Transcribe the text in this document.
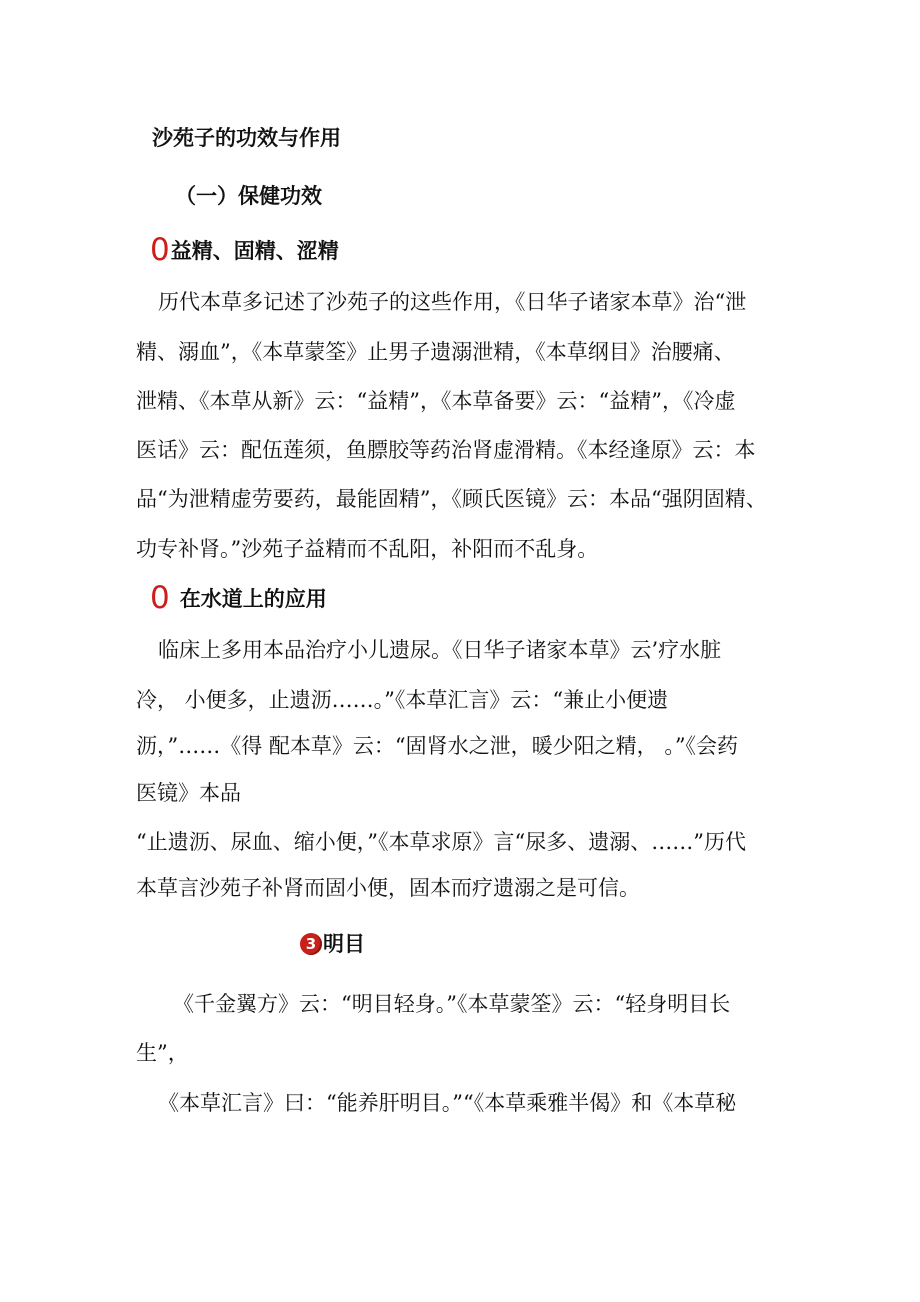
沙苑子的功效与作用
（一）保健功效
0益精、固精、涩精
历代本草多记述了沙苑子的这些作用，《日华子诸家本草》治“泄
精、溺血”，《本草蒙筌》止男子遗溺泄精，《本草纲目》治腰痛、
泄精、《本草从新》云：“益精”，《本草备要》云：“益精”，《冷虚
医话》云：配伍莲须，鱼膘胶等药治肾虚滑精。《本经逢原》云：本
品“为泄精虚劳要药，最能固精”，《顾氏医镜》云：本品“强阴固精、
功专补肾。”沙苑子益精而不乱阳，补阳而不乱身。
0 在水道上的应用
临床上多用本品治疗小儿遗尿。《日华子诸家本草》云’疗水脏
冷， 小便多，止遗沥……。”《本草汇言》云：“兼止小便遗
沥，”……《得 配本草》云：“固肾水之泄，暖少阳之精， 。”《会药
医镜》本品
“止遗沥、尿血、缩小便，”《本草求原》言“尿多、遗溺、……”历代
本草言沙苑子补肾而固小便，固本而疗遗溺之是可信。
3 明目
《千金翼方》云：“明目轻身。”《本草蒙筌》云：“轻身明目长
生”，
《本草汇言》曰：“能养肝明目。”“《本草乘雅半偈》和《本草秘
